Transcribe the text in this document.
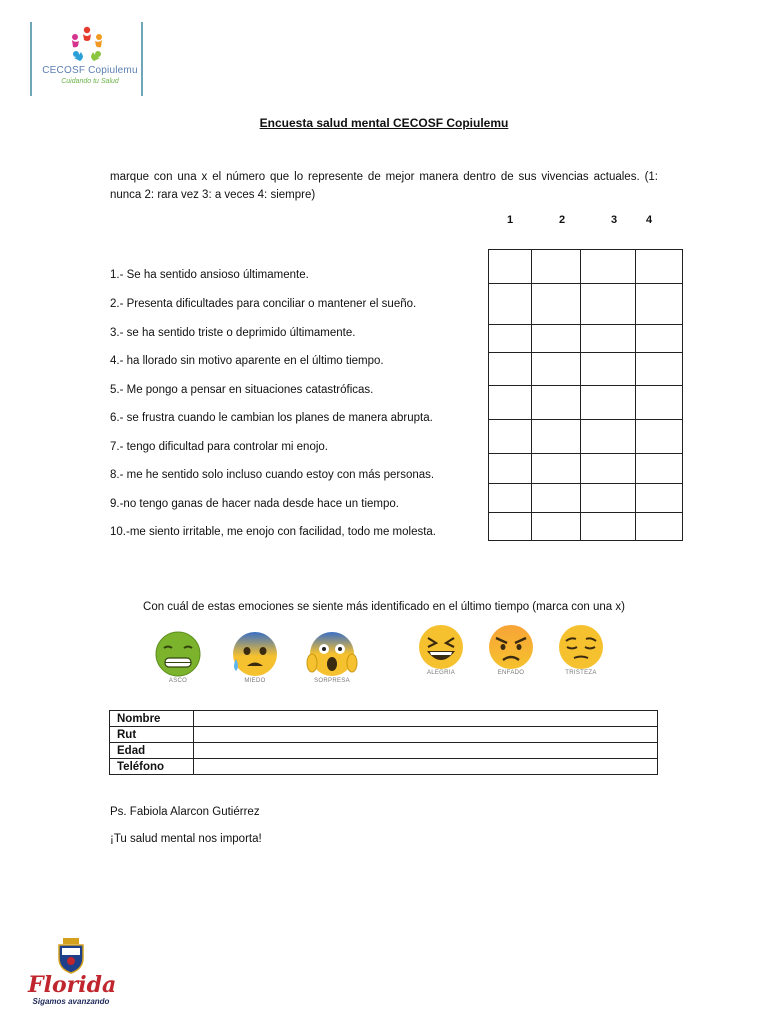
CECOSF Copiulemu
Cuidando tu Salud
Encuesta salud mental CECOSF Copiulemu
marque con una x el número que lo represente de mejor manera dentro de sus vivencias actuales. (1: nunca 2: rara vez 3: a veces 4: siempre)
1	2	3	4
1.- Se ha sentido ansioso últimamente.
2.- Presenta dificultades para conciliar o mantener el sueño.
3.- se ha sentido triste o deprimido últimamente.
4.- ha llorado sin motivo aparente en el último tiempo.
5.- Me pongo a pensar en situaciones catastróficas.
6.- se frustra cuando le cambian los planes de manera abrupta.
7.- tengo dificultad para controlar mi enojo.
8.- me he sentido solo incluso cuando estoy con más personas.
9.-no tengo ganas de hacer nada desde hace un tiempo.
10.-me siento irritable, me enojo con facilidad, todo me molesta.

Con cuál de estas emociones se siente más identificado en el último tiempo (marca con una x)
ASCO	MIEDO	SORPRESA
ALEGRIA	ENFADO	TRISTEZA
Nombre	
Rut	
Edad	
Teléfono	
Ps. Fabiola Alarcon Gutiérrez
¡Tu salud mental nos importa!
Florida
Sigamos avanzando
